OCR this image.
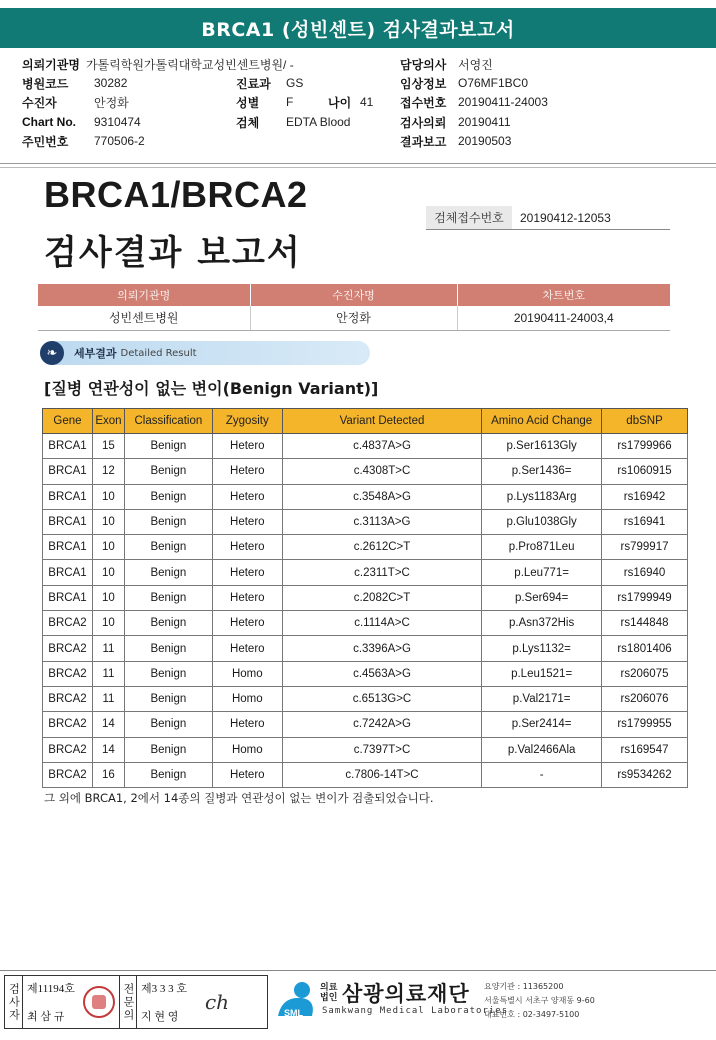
BRCA1 (성빈센트) 검사결과보고서
의뢰기관명 가톨릭학원가톨릭대학교성빈센트병원/ -
병원코드	30282
수진자	안정화
Chart No.	9310474
주민번호	770506-2
진료과	GS
성별	F	나이 41
검체	EDTA Blood
담당의사 서영진
임상정보 O76MF1BC0
접수번호 20190411-24003
검사의뢰 20190411
결과보고 20190503
BRCA1/BRCA2
검사결과 보고서
검체접수번호	20190412-12053
의뢰기관명	수진자명	차트번호
성빈센트병원	안정화	20190411-24003,4
❧	세부결과 Detailed Result
[질병 연관성이 없는 변이(Benign Variant)]
Gene	Exon	Classification	Zygosity	Variant Detected	Amino Acid Change	dbSNP
BRCA1	15	Benign	Hetero	c.4837A>G	p.Ser1613Gly	rs1799966
BRCA1	12	Benign	Hetero	c.4308T>C	p.Ser1436=	rs1060915
BRCA1	10	Benign	Hetero	c.3548A>G	p.Lys1183Arg	rs16942
BRCA1	10	Benign	Hetero	c.3113A>G	p.Glu1038Gly	rs16941
BRCA1	10	Benign	Hetero	c.2612C>T	p.Pro871Leu	rs799917
BRCA1	10	Benign	Hetero	c.2311T>C	p.Leu771=	rs16940
BRCA1	10	Benign	Hetero	c.2082C>T	p.Ser694=	rs1799949
BRCA2	10	Benign	Hetero	c.1114A>C	p.Asn372His	rs144848
BRCA2	11	Benign	Hetero	c.3396A>G	p.Lys1132=	rs1801406
BRCA2	11	Benign	Homo	c.4563A>G	p.Leu1521=	rs206075
BRCA2	11	Benign	Homo	c.6513G>C	p.Val2171=	rs206076
BRCA2	14	Benign	Hetero	c.7242A>G	p.Ser2414=	rs1799955
BRCA2	14	Benign	Homo	c.7397T>C	p.Val2466Ala	rs169547
BRCA2	16	Benign	Hetero	c.7806-14T>C	-	rs9534262
그 외에 BRCA1, 2에서 14종의 질병과 연관성이 없는 변이가 검출되었습니다.
검사자 제11194호
최 삼 규	전문의 제3 3 3 호
지 현 영
ch	SML
의료법인 삼광의료재단
Samkwang Medical Laboratories
요양기관 : 11365200
서울특별시 서초구 양재동 9-60
대표번호 : 02-3497-5100
